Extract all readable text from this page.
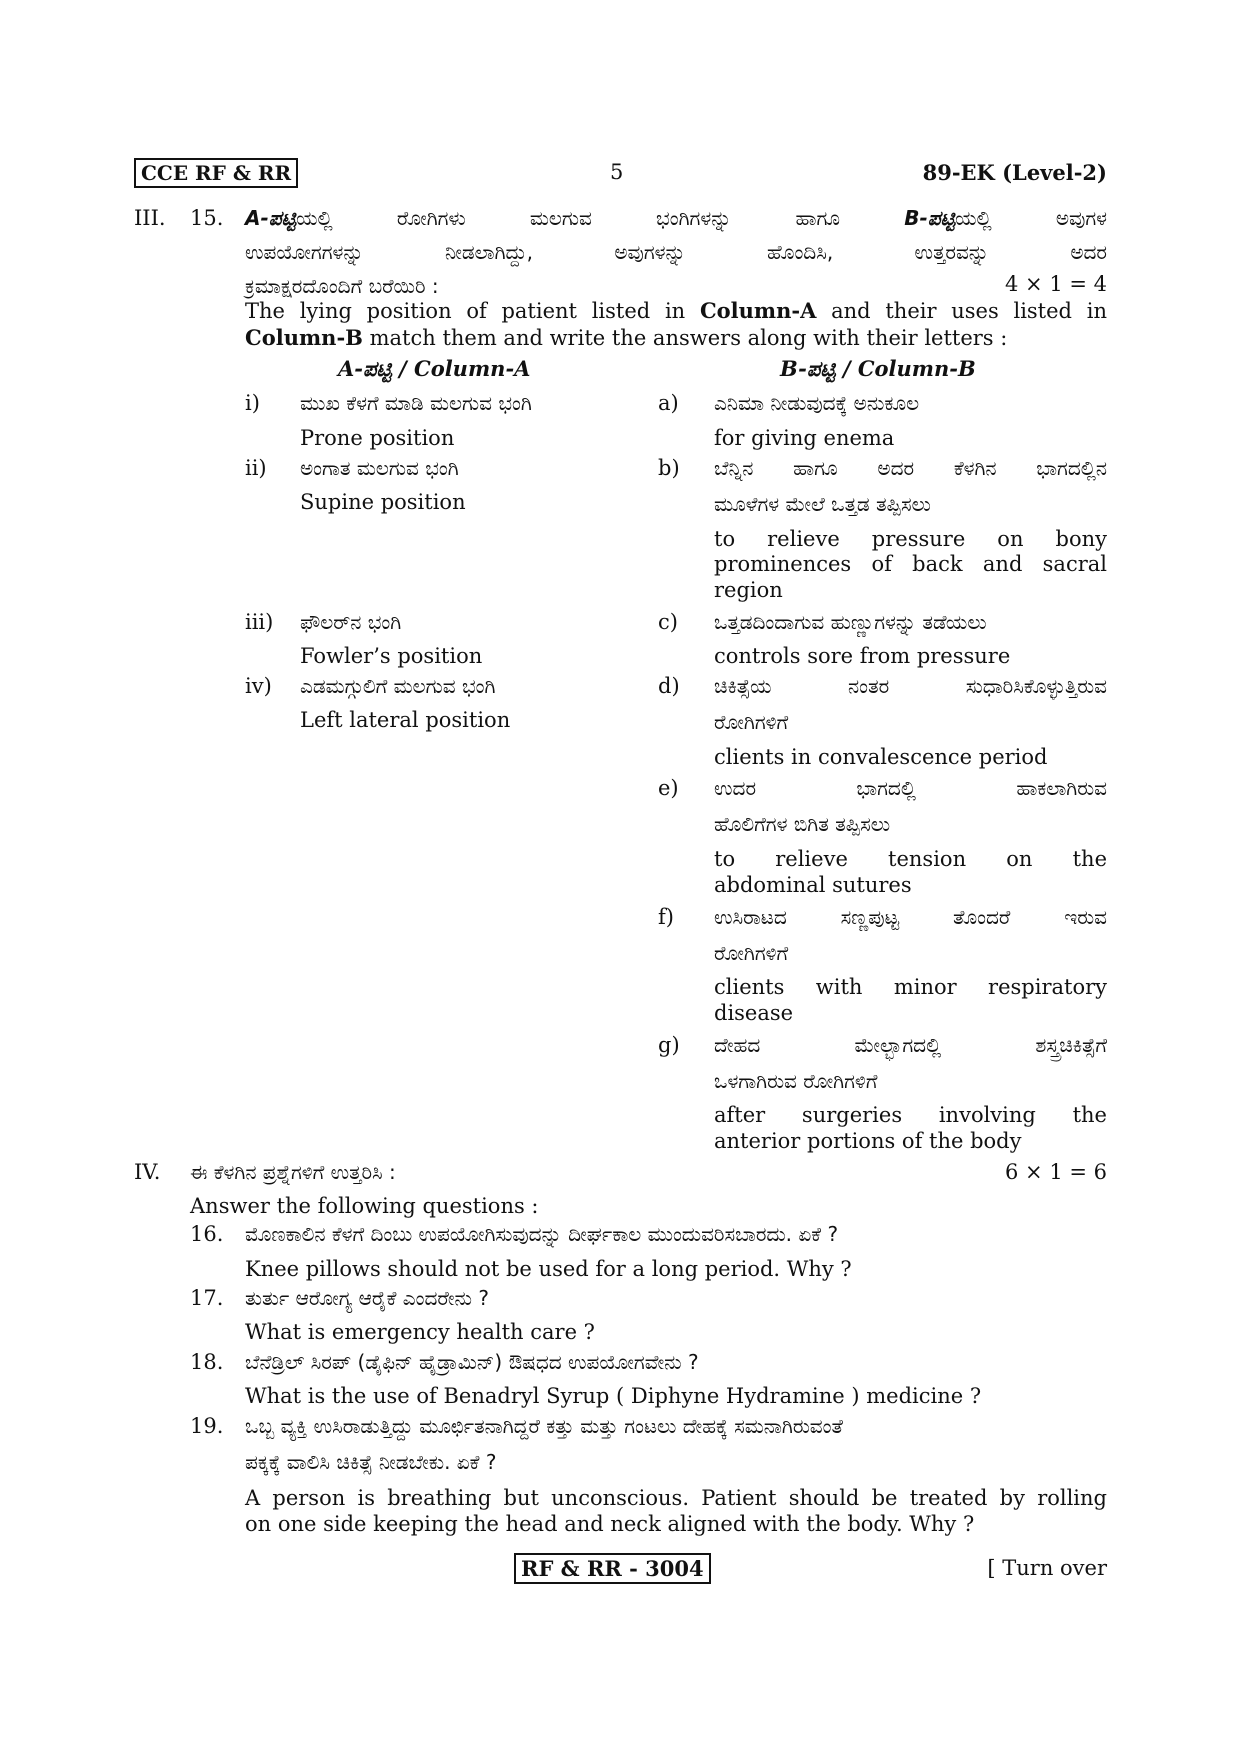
CCE RF & RR	5	89-EK (Level-2)
III. 15. A-ಪಟ್ಟಿಯಲ್ಲಿ ರೋಗಿಗಳು ಮಲಗುವ ಭಂಗಿಗಳನ್ನು ಹಾಗೂ	B-ಪಟ್ಟಿಯಲ್ಲಿ ಅವುಗಳ
ಉಪಯೋಗಗಳನ್ನು ನೀಡಲಾಗಿದ್ದು, ಅವುಗಳನ್ನು ಹೊಂದಿಸಿ, ಉತ್ತರವನ್ನು ಅದರ
ಕ್ರಮಾಕ್ಷರದೊಂದಿಗೆ ಬರೆಯಿರಿ :	4 × 1 = 4
The lying position of patient listed in Column-A and their uses listed in
Column-B match them and write the answers along with their letters :
A-ಪಟ್ಟಿ / Column-A	B-ಪಟ್ಟಿ / Column-B
i) ಮುಖ ಕೆಳಗೆ ಮಾಡಿ ಮಲಗುವ ಭಂಗಿ
Prone position
ii) ಅಂಗಾತ ಮಲಗುವ ಭಂಗಿ
Supine position
iii) ಫೌಲರ್‌ನ ಭಂಗಿ
Fowler’s position
iv) ಎಡಮಗ್ಗುಲಿಗೆ ಮಲಗುವ ಭಂಗಿ
Left lateral position
a) ಎನಿಮಾ ನೀಡುವುದಕ್ಕೆ ಅನುಕೂಲ
for giving enema
b) ಬೆನ್ನಿನ ಹಾಗೂ ಅದರ ಕೆಳಗಿನ ಭಾಗದಲ್ಲಿನ
ಮೂಳೆಗಳ ಮೇಲೆ ಒತ್ತಡ ತಪ್ಪಿಸಲು
to relieve pressure on bony
prominences of back and sacral
region
c) ಒತ್ತಡದಿಂದಾಗುವ ಹುಣ್ಣುಗಳನ್ನು ತಡೆಯಲು
controls sore from pressure
d) ಚಿಕಿತ್ಸೆಯ ನಂತರ ಸುಧಾರಿಸಿಕೊಳ್ಳುತ್ತಿರುವ
ರೋಗಿಗಳಿಗೆ
clients in convalescence period
e) ಉದರ ಭಾಗದಲ್ಲಿ ಹಾಕಲಾಗಿರುವ
ಹೊಲಿಗೆಗಳ ಬಿಗಿತ ತಪ್ಪಿಸಲು
to relieve tension on the
abdominal sutures
f) ಉಸಿರಾಟದ ಸಣ್ಣಪುಟ್ಟ ತೊಂದರೆ ಇರುವ
ರೋಗಿಗಳಿಗೆ
clients with minor respiratory
disease
g) ದೇಹದ ಮೇಲ್ಭಾಗದಲ್ಲಿ ಶಸ್ತ್ರಚಿಕಿತ್ಸೆಗೆ
ಒಳಗಾಗಿರುವ ರೋಗಿಗಳಿಗೆ
after surgeries involving the
anterior portions of the body
IV. ಈ ಕೆಳಗಿನ ಪ್ರಶ್ನೆಗಳಿಗೆ ಉತ್ತರಿಸಿ :	6 × 1 = 6
Answer the following questions :
16. ಮೊಣಕಾಲಿನ ಕೆಳಗೆ ದಿಂಬು ಉಪಯೋಗಿಸುವುದನ್ನು ದೀರ್ಘಕಾಲ ಮುಂದುವರಿಸಬಾರದು. ಏಕೆ ?
Knee pillows should not be used for a long period. Why ?
17. ತುರ್ತು ಆರೋಗ್ಯ ಆರೈಕೆ ಎಂದರೇನು ?
What is emergency health care ?
18. ಬೆನೆಡ್ರಿಲ್ ಸಿರಪ್ (ಡೈಫಿನ್ ಹೈಡ್ರಾಮಿನ್) ಔಷಧದ ಉಪಯೋಗವೇನು ?
What is the use of Benadryl Syrup ( Diphyne Hydramine ) medicine ?
19. ಒಬ್ಬ ವ್ಯಕ್ತಿ ಉಸಿರಾಡುತ್ತಿದ್ದು ಮೂರ್ಛಿತನಾಗಿದ್ದರೆ ಕತ್ತು ಮತ್ತು ಗಂಟಲು ದೇಹಕ್ಕೆ ಸಮನಾಗಿರುವಂತೆ
ಪಕ್ಕಕ್ಕೆ ವಾಲಿಸಿ ಚಿಕಿತ್ಸೆ ನೀಡಬೇಕು. ಏಕೆ ?
A person is breathing but unconscious. Patient should be treated by rolling
on one side keeping the head and neck aligned with the body. Why ?
RF & RR - 3004	[ Turn over
